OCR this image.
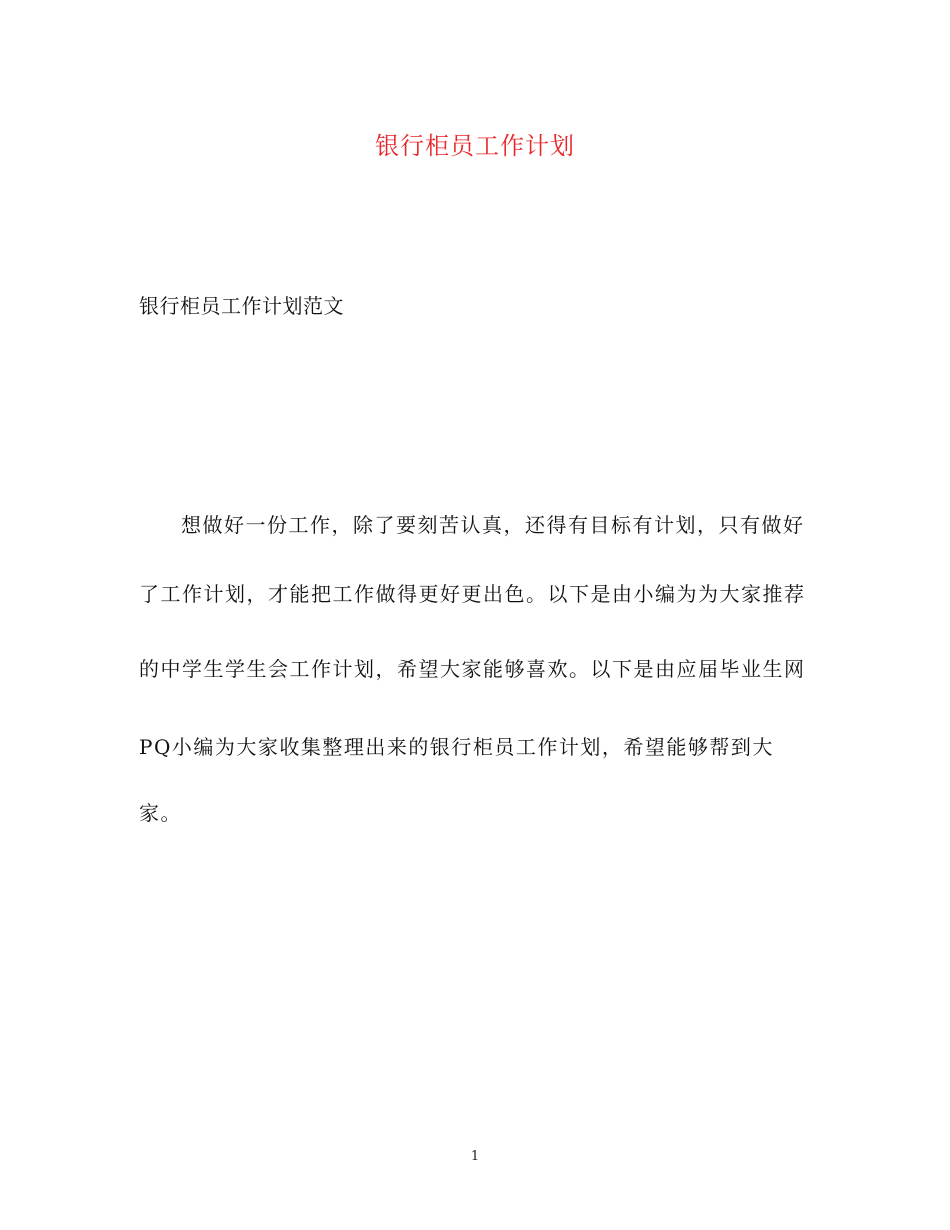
银行柜员工作计划
银行柜员工作计划范文
想做好一份工作，除了要刻苦认真，还得有目标有计划，只有做好
了工作计划，才能把工作做得更好更出色。以下是由小编为为大家推荐
的中学生学生会工作计划，希望大家能够喜欢。以下是由应届毕业生网
PQ小编为大家收集整理出来的银行柜员工作计划，希望能够帮到大
家。
1
